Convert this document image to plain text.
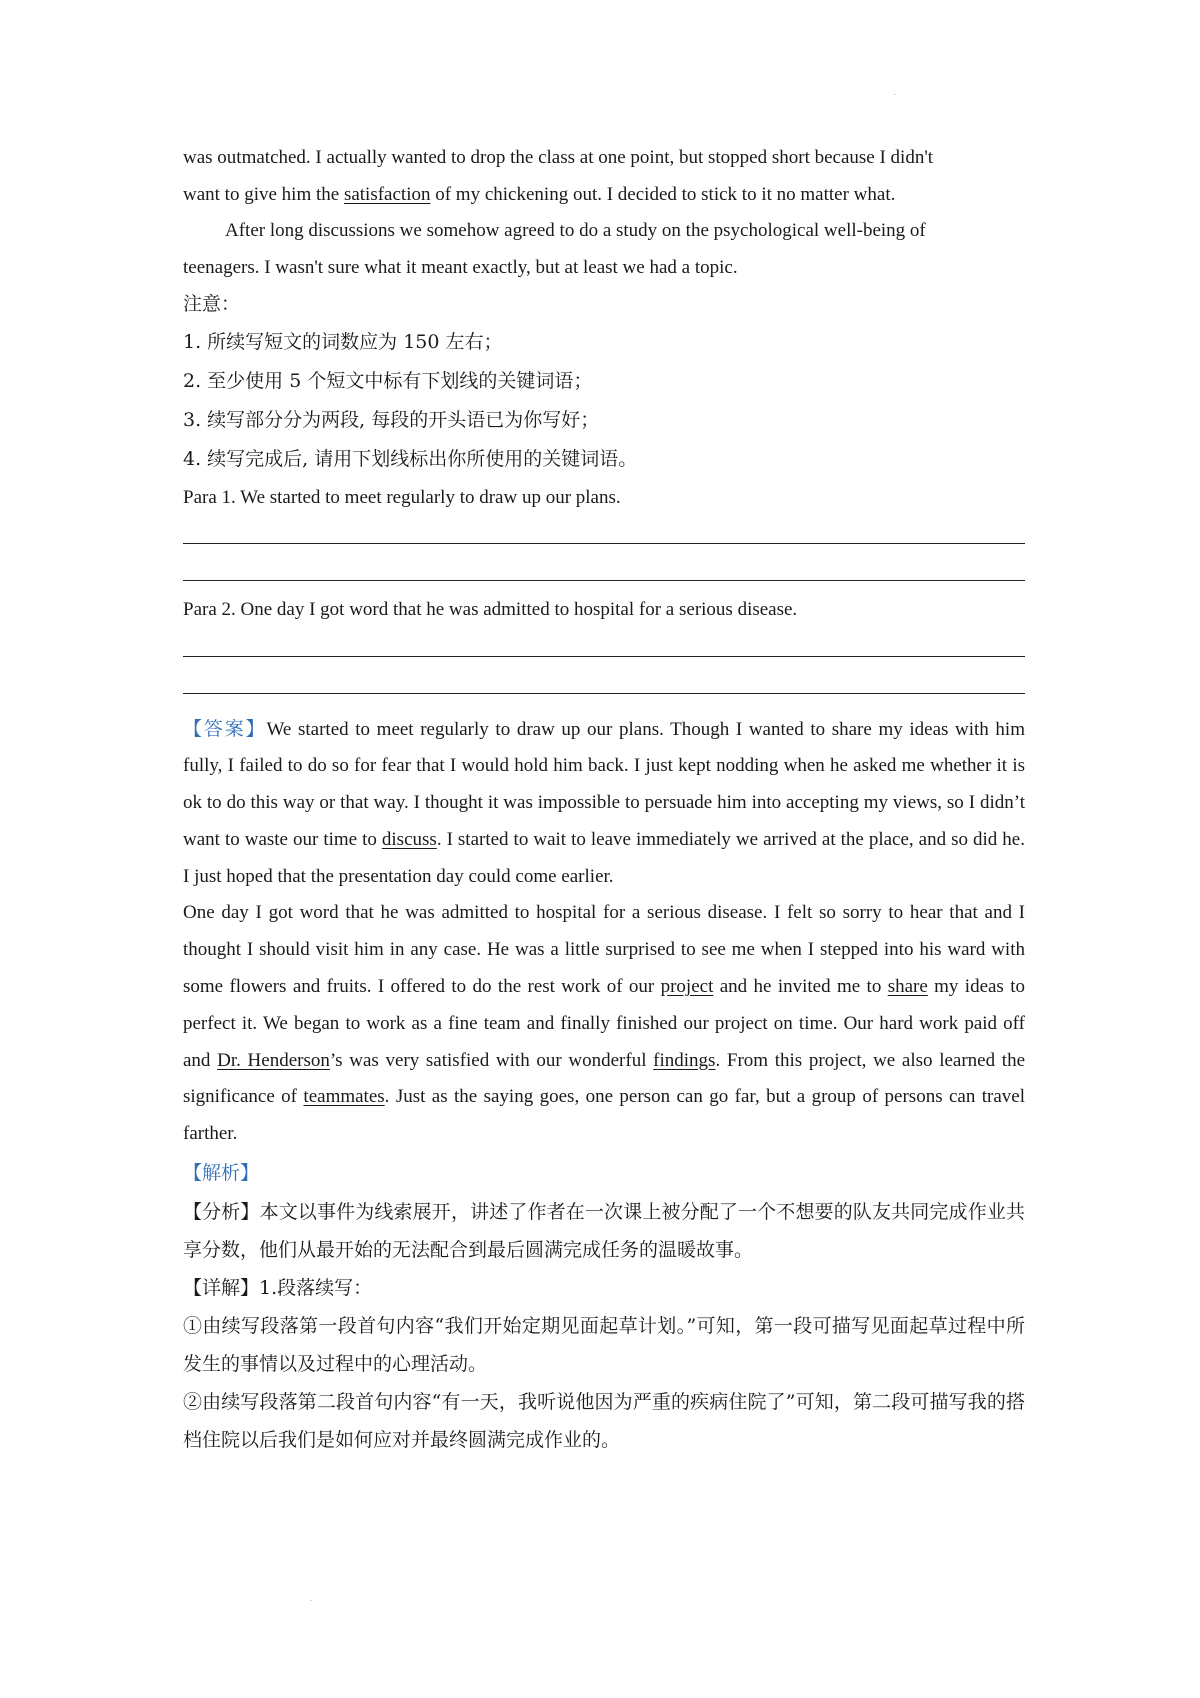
.
was outmatched. I actually wanted to drop the class at one point, but stopped short because I didn't
want to give him the satisfaction of my chickening out. I decided to stick to it no matter what.
After long discussions we somehow agreed to do a study on the psychological well-being of
teenagers. I wasn't sure what it meant exactly, but at least we had a topic.
注意：
1. 所续写短文的词数应为 150 左右；
2. 至少使用 5 个短文中标有下划线的关键词语；
3. 续写部分分为两段, 每段的开头语已为你写好；
4. 续写完成后, 请用下划线标出你所使用的关键词语。
Para 1. We started to meet regularly to draw up our plans.
Para 2. One day I got word that he was admitted to hospital for a serious disease.
【答案】We started to meet regularly to draw up our plans. Though I wanted to share my ideas with him fully, I failed to do so for fear that I would hold him back. I just kept nodding when he asked me whether it is ok to do this way or that way. I thought it was impossible to persuade him into accepting my views, so I didn’t want to waste our time to discuss. I started to wait to leave immediately we arrived at the place, and so did he. I just hoped that the presentation day could come earlier.
One day I got word that he was admitted to hospital for a serious disease. I felt so sorry to hear that and I thought I should visit him in any case. He was a little surprised to see me when I stepped into his ward with some flowers and fruits. I offered to do the rest work of our project and he invited me to share my ideas to perfect it. We began to work as a fine team and finally finished our project on time. Our hard work paid off and Dr. Henderson’s was very satisfied with our wonderful findings. From this project, we also learned the significance of teammates. Just as the saying goes, one person can go far, but a group of persons can travel farther.
【解析】
【分析】本文以事件为线索展开，讲述了作者在一次课上被分配了一个不想要的队友共同完成作业共享分数，他们从最开始的无法配合到最后圆满完成任务的温暖故事。
【详解】1.段落续写：
①由续写段落第一段首句内容“我们开始定期见面起草计划。”可知，第一段可描写见面起草过程中所发生的事情以及过程中的心理活动。
②由续写段落第二段首句内容“有一天，我听说他因为严重的疾病住院了”可知，第二段可描写我的搭档住院以后我们是如何应对并最终圆满完成作业的。
.
